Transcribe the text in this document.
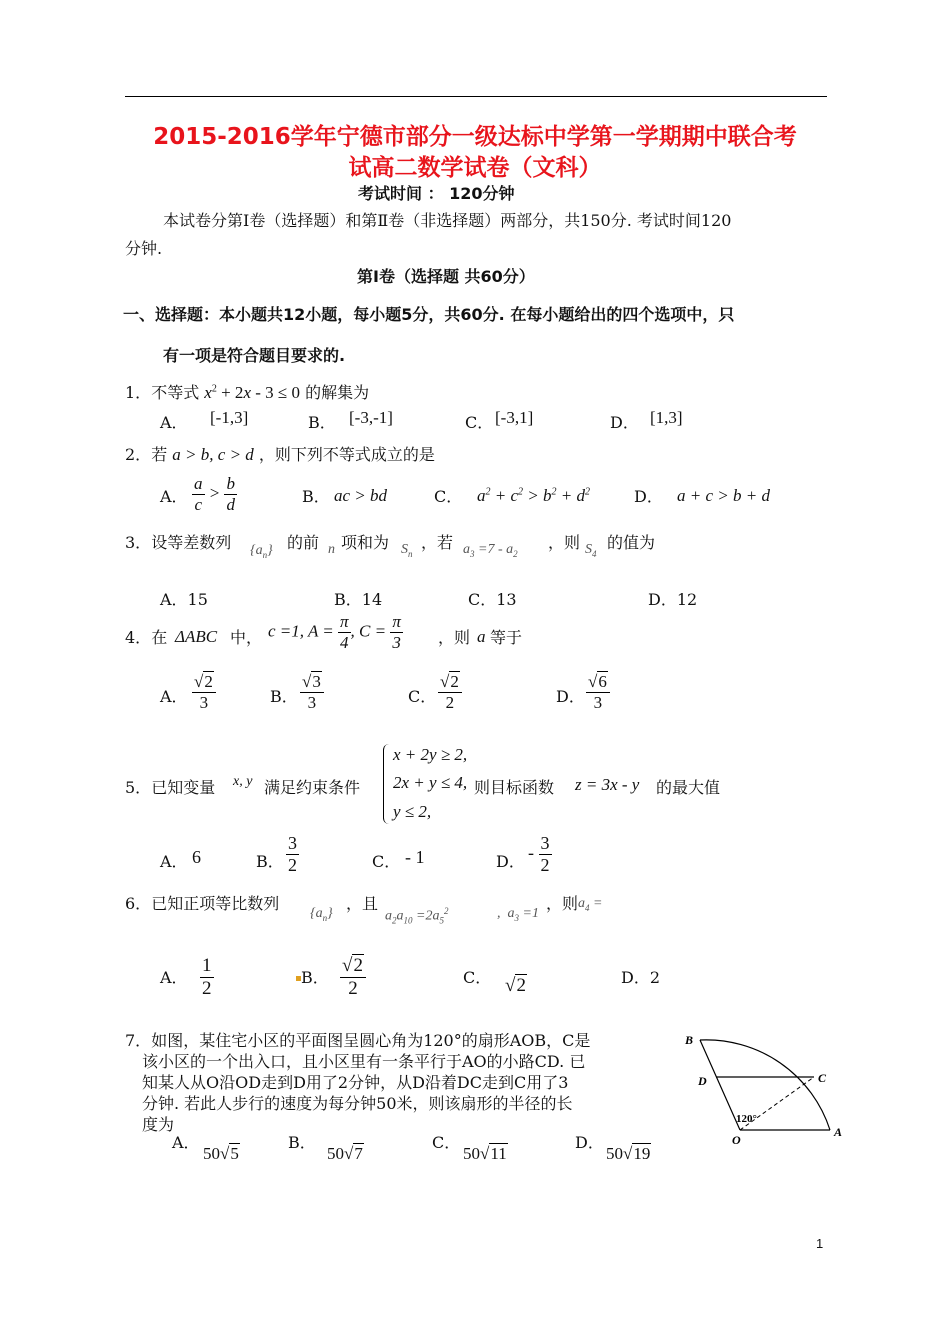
2015-2016学年宁德市部分一级达标中学第一学期期中联合考
试高二数学试卷（文科）
考试时间 ： 120分钟
本试卷分第Ⅰ卷（选择题）和第Ⅱ卷（非选择题）两部分，共150分. 考试时间120
分钟.
第Ⅰ卷（选择题 共60分）
一、选择题：本小题共12小题，每小题5分，共60分. 在每小题给出的四个选项中，只
有一项是符合题目要求的.
1．不等式 $x^2 + 2x - 3 \le 0$ 的解集为
A． [-1,3]	B． [-3,-1]	C． [-3,1]	D． [1,3]
2．若 a > b, c > d ，则下列不等式成立的是
A． $\frac{a}{c} > \frac{b}{d}$	B． ac > bd	C． $a^2 + c^2 > b^2 + d^2$	D． a + c > b + d
3．设等差数列 $\{a_n\}$ 的前 n 项和为 $S_n$
，若 $a_3 =7 - a_2$
，则 $S_4$
的值为
A．15	B．14	C．13	D．12
4．在 ΔABC 中， c =1, $A = \frac{\pi}{4}$ , $C = \frac{\pi}{3}$ ，则 a 等于
A． $\frac{√2}{3}$	B． $\frac{√3}{3}$	C． $\frac{√2}{2}$	D． $\frac{√6}{3}$
5．已知变量 x, y 满足约束条件
x + 2y ≥ 2,
2x + y ≤ 4,
y ≤ 2,
则目标函数 z = 3x - y 的最大值
A． 6	B． $\frac{3}{2}$	C． - 1	D． - $\frac{3}{2}$
6．已知正项等比数列
$\{a_n\}$
，且
$a_2a_{10} =2a_5^2$	,  $a_3 =1$
，则 $a_4$ =
A． $\frac{1}{2}$	B． $\frac{√2}{2}$	C． √2	D．2
7．如图，某住宅小区的平面图呈圆心角为120°的扇形AOB，C是
该小区的一个出入口，且小区里有一条平行于AO的小路CD. 已
知某人从O沿OD走到D用了2分钟，从D沿着DC走到C用了3
分钟. 若此人步行的速度为每分钟50米，则该扇形的半径的长
度为
A．
50√5
B．
50√7
C．
50√11
D．
50√19
B
D	C
O
A
120°
1
